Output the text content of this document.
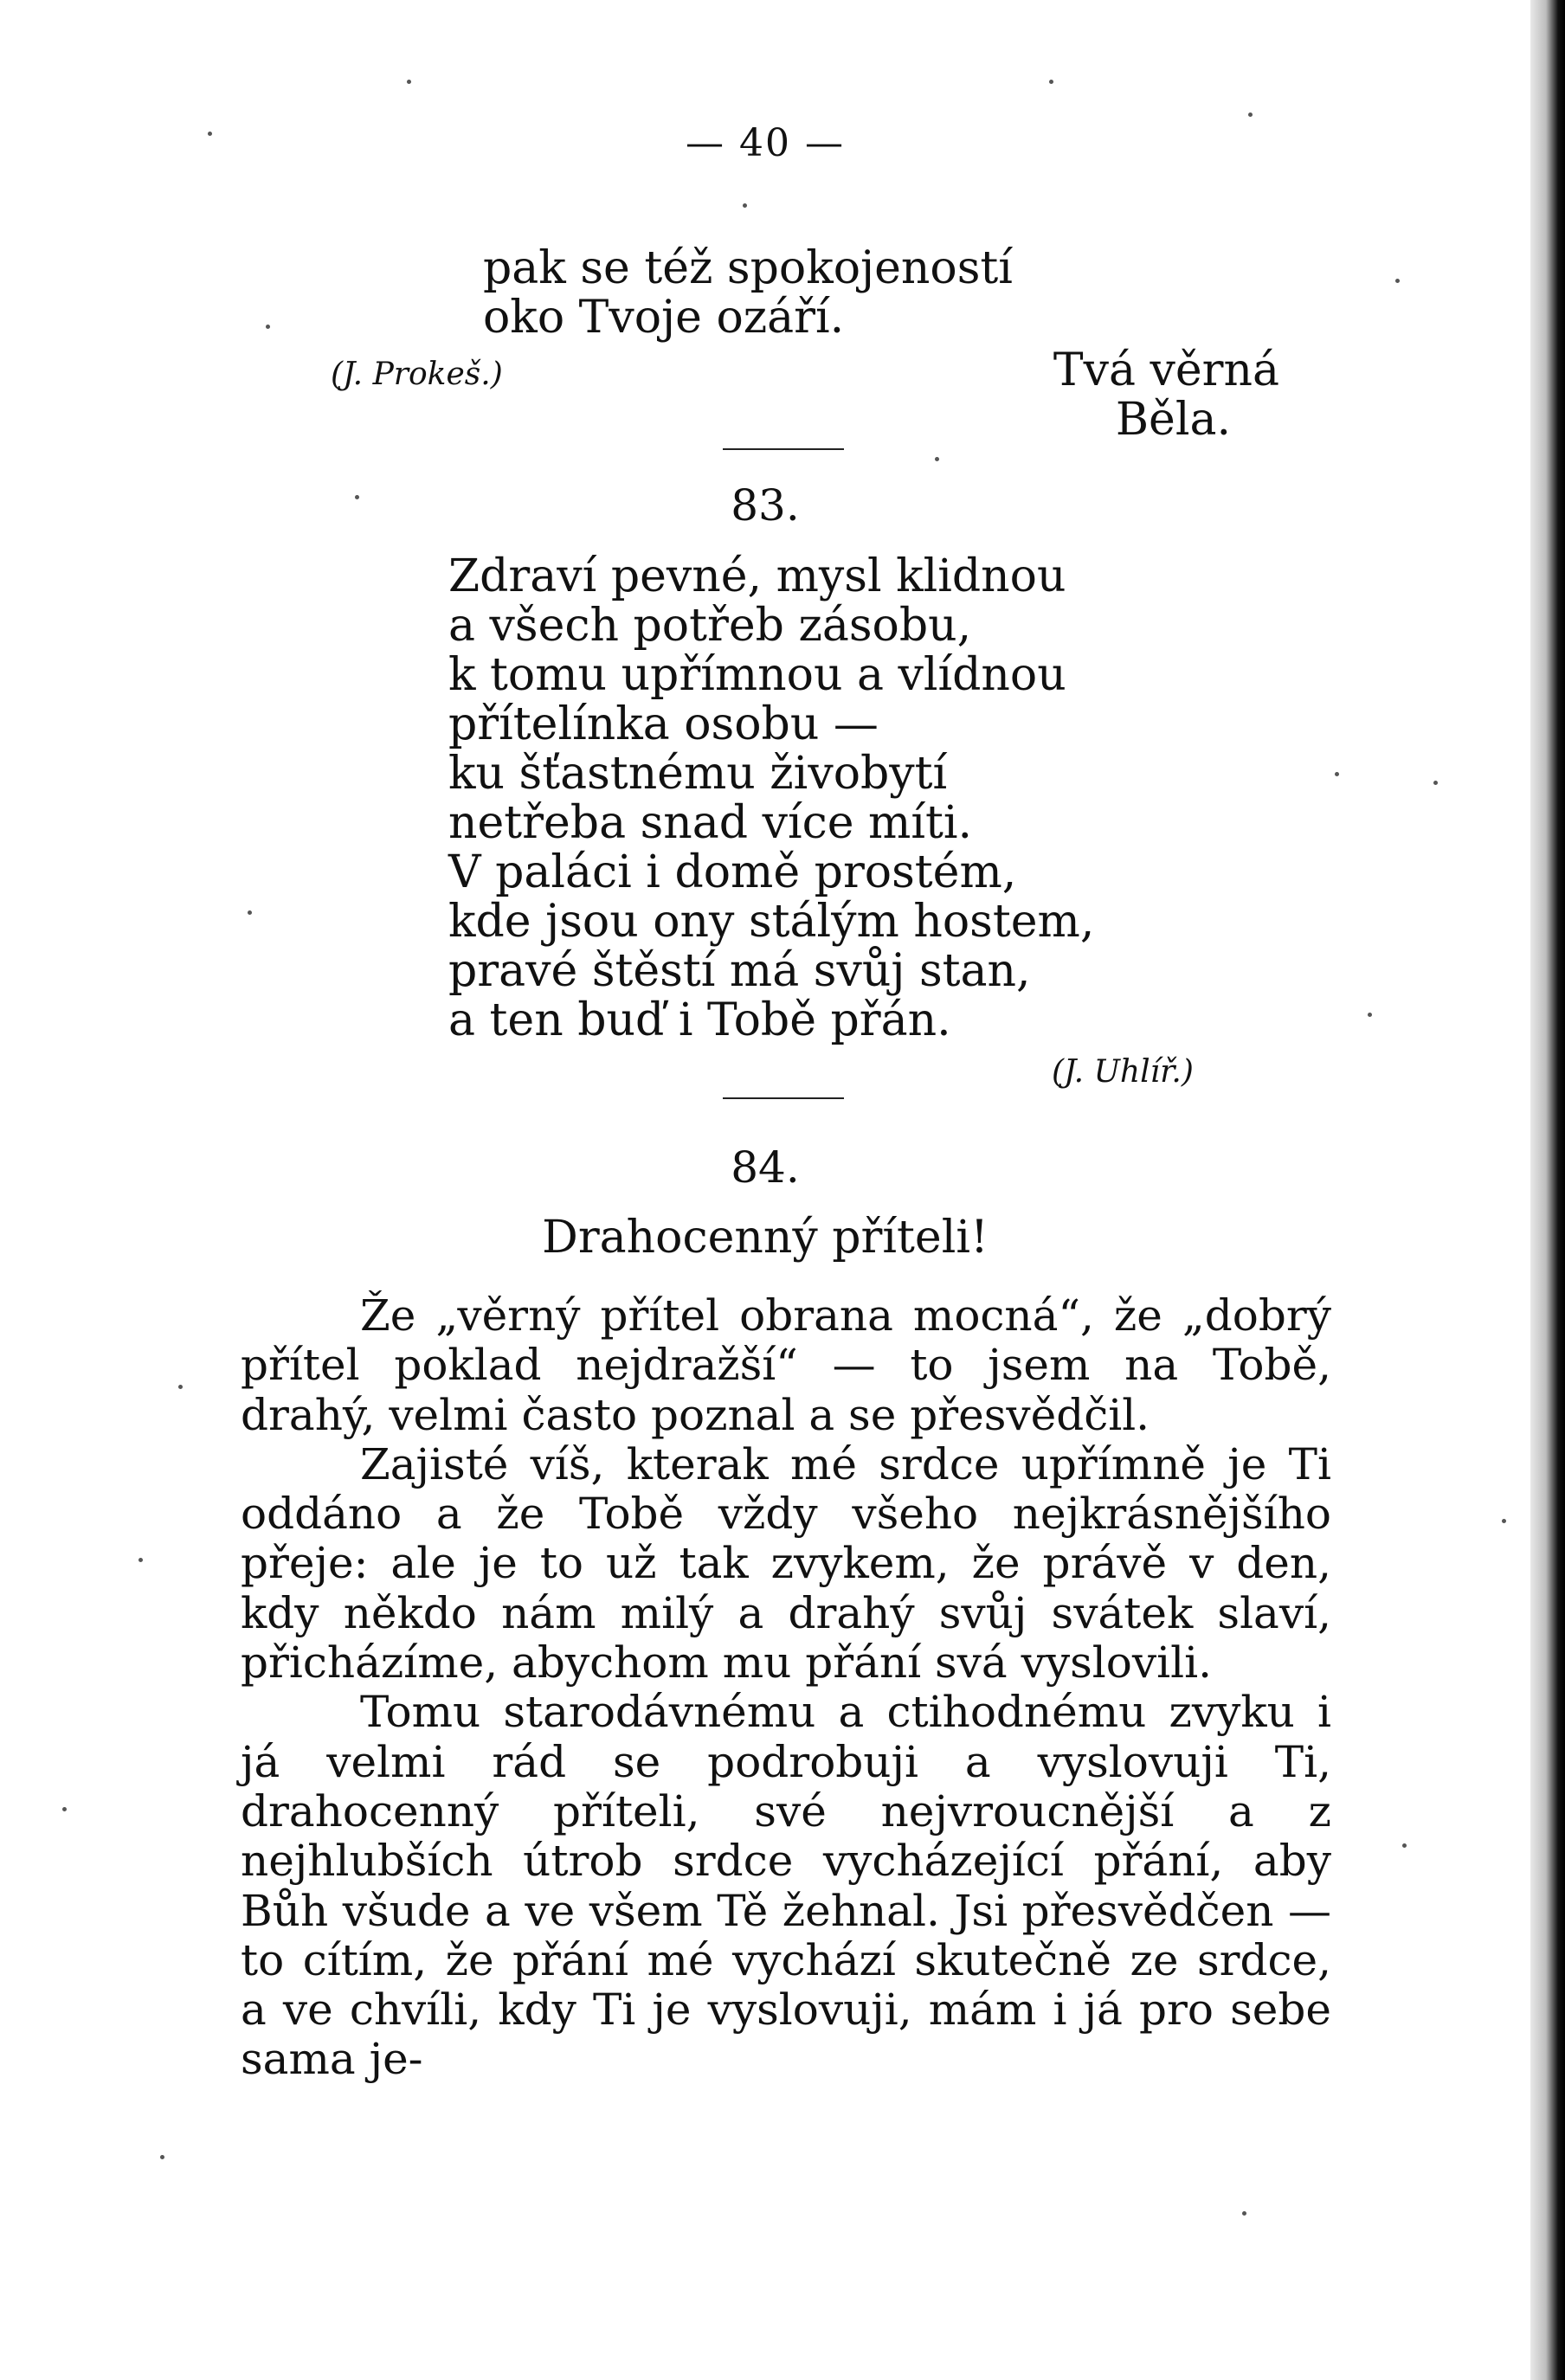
— 40 —
pak se též spokojeností
oko Tvoje ozáří.
(J. Prokeš.)	Tvá věrná
Běla.
83.
Zdraví pevné, mysl klidnou
a všech potřeb zásobu,
k tomu upřímnou a vlídnou
přítelínka osobu —
ku šťastnému živobytí
netřeba snad více míti.
V paláci i domě prostém,
kde jsou ony stálým hostem,
pravé štěstí má svůj stan,
a ten buď i Tobě přán.
(J. Uhlíř.)
84.
Drahocenný příteli!

Že „věrný přítel obrana mocná“, že „dobrý přítel poklad nejdražší“ — to jsem na Tobě, drahý, velmi často poznal a se přesvědčil.

Zajisté víš, kterak mé srdce upřímně je Ti oddáno a že Tobě vždy všeho nejkrásnějšího přeje: ale je to už tak zvykem, že právě v den, kdy někdo nám milý a drahý svůj svátek slaví, přicházíme, abychom mu přání svá vyslovili.

Tomu starodávnému a ctihodnému zvyku i já velmi rád se podrobuji a vyslovuji Ti, drahocenný příteli, své nejvroucnější a z nejhlubších útrob srdce vycházející přání, aby Bůh všude a ve všem Tě žehnal. Jsi přesvědčen — to cítím, že přání mé vychází skutečně ze srdce, a ve chvíli, kdy Ti je vyslovuji, mám i já pro sebe sama je-
